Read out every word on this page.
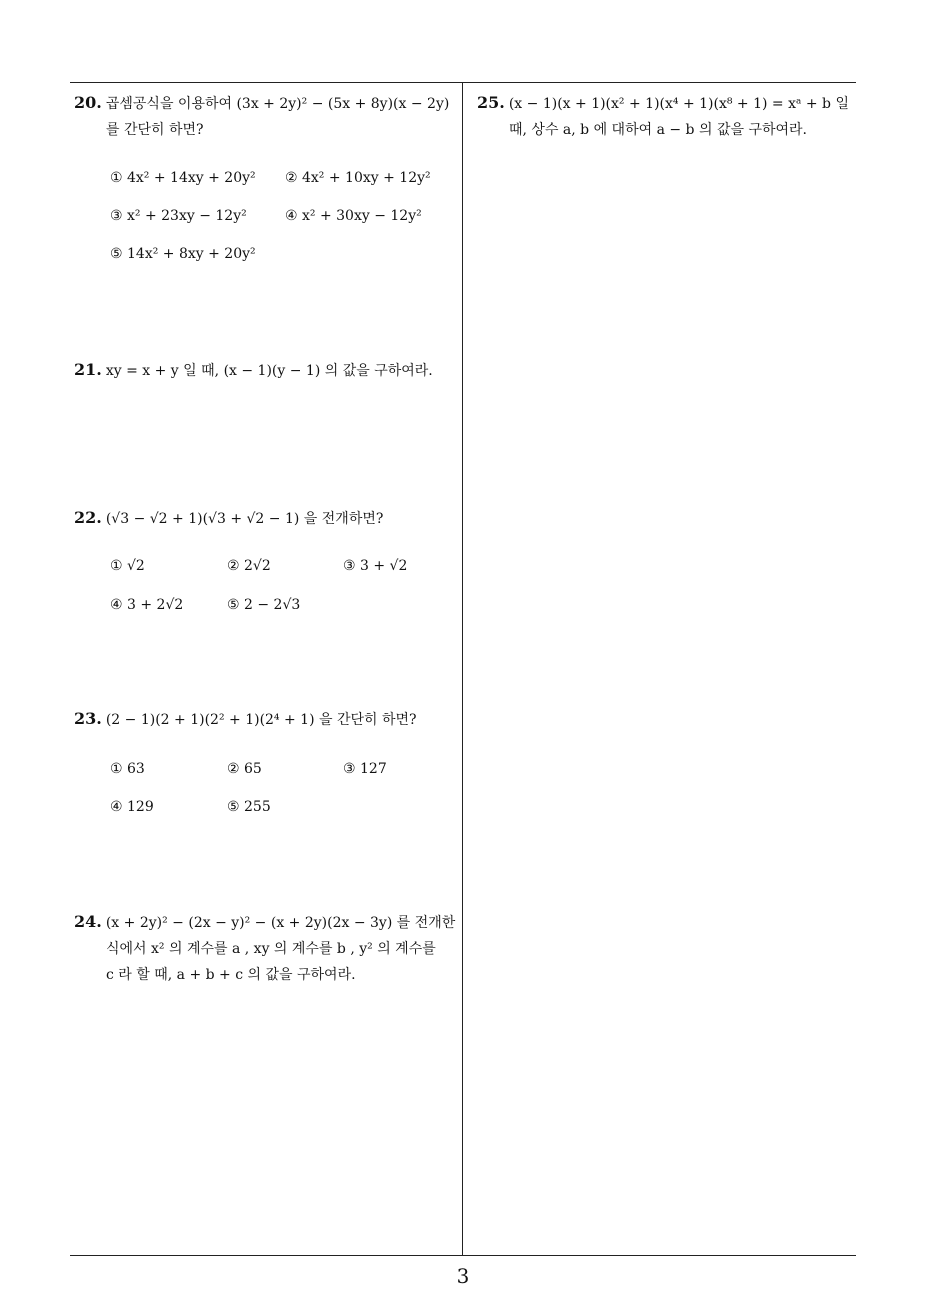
20. 곱셈공식을 이용하여 (3x + 2y)² − (5x + 8y)(x − 2y)
를 간단히 하면?
① 4x² + 14xy + 20y² ② 4x² + 10xy + 12y²
③ x² + 23xy − 12y²	④ x² + 30xy − 12y²
⑤ 14x² + 8xy + 20y²
21. xy = x + y 일 때, (x − 1)(y − 1) 의 값을 구하여라.
22. (√3 − √2 + 1)(√3 + √2 − 1) 을 전개하면?
① √2	② 2√2	③ 3 + √2
④ 3 + 2√2	⑤ 2 − 2√3
23. (2 − 1)(2 + 1)(2² + 1)(2⁴ + 1) 을 간단히 하면?
① 63	② 65	③ 127
④ 129	⑤ 255
24. (x + 2y)² − (2x − y)² − (x + 2y)(2x − 3y) 를 전개한
식에서 x² 의 계수를 a , xy 의 계수를 b , y² 의 계수를
c 라 할 때, a + b + c 의 값을 구하여라.
25. (x − 1)(x + 1)(x² + 1)(x⁴ + 1)(x⁸ + 1) = xᵃ + b 일
때, 상수 a, b 에 대하여 a − b 의 값을 구하여라.
3
